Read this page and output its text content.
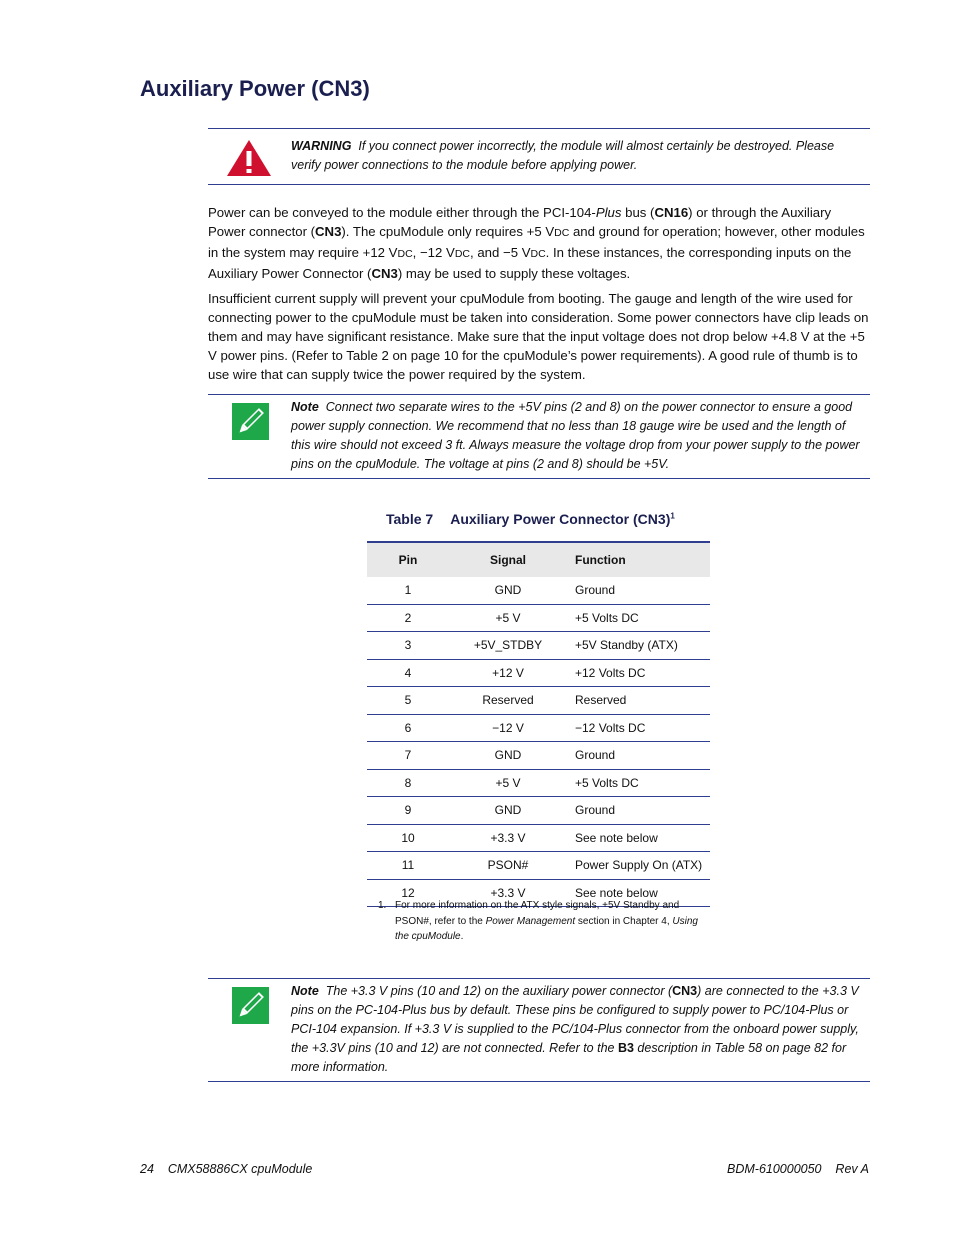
Auxiliary Power (CN3)
WARNING If you connect power incorrectly, the module will almost certainly be destroyed. Please verify power connections to the module before applying power.
Power can be conveyed to the module either through the PCI-104-Plus bus (CN16) or through the Auxiliary Power connector (CN3). The cpuModule only requires +5 VDC and ground for operation; however, other modules in the system may require +12 VDC, −12 VDC, and −5 VDC. In these instances, the corresponding inputs on the Auxiliary Power Connector (CN3) may be used to supply these voltages.
Insufficient current supply will prevent your cpuModule from booting. The gauge and length of the wire used for connecting power to the cpuModule must be taken into consideration. Some power connectors have clip leads on them and may have significant resistance. Make sure that the input voltage does not drop below +4.8 V at the +5 V power pins. (Refer to Table 2 on page 10 for the cpuModule’s power requirements). A good rule of thumb is to use wire that can supply twice the power required by the system.
Note Connect two separate wires to the +5V pins (2 and 8) on the power connector to ensure a good power supply connection. We recommend that no less than 18 gauge wire be used and the length of this wire should not exceed 3 ft. Always measure the voltage drop from your power supply to the power pins on the cpuModule. The voltage at pins (2 and 8) should be +5V.
Table 7 Auxiliary Power Connector $(CN3)^1$
Pin	Signal	Function
1	GND	Ground
2	+5 V	+5 Volts DC
3	+5V_STDBY	+5V Standby (ATX)
4	+12 V	+12 Volts DC
5	Reserved	Reserved
6	−12 V	−12 Volts DC
7	GND	Ground
8	+5 V	+5 Volts DC
9	GND	Ground
10	+3.3 V	See note below
11	PSON#	Power Supply On (ATX)
12	+3.3 V	See note below
1. For more information on the ATX style signals, +5V Standby and PSON#, refer to the Power Management section in Chapter 4, Using the cpuModule.
Note The +3.3 V pins (10 and 12) on the auxiliary power connector (CN3) are connected to the +3.3 V pins on the PC-104-Plus bus by default. These pins be configured to supply power to PC/104-Plus or PCI-104 expansion. If +3.3 V is supplied to the PC/104-Plus connector from the onboard power supply, the +3.3V pins (10 and 12) are not connected. Refer to the B3 description in Table 58 on page 82 for more information.
24 CMX58886CX cpuModule	BDM-610000050 Rev A
